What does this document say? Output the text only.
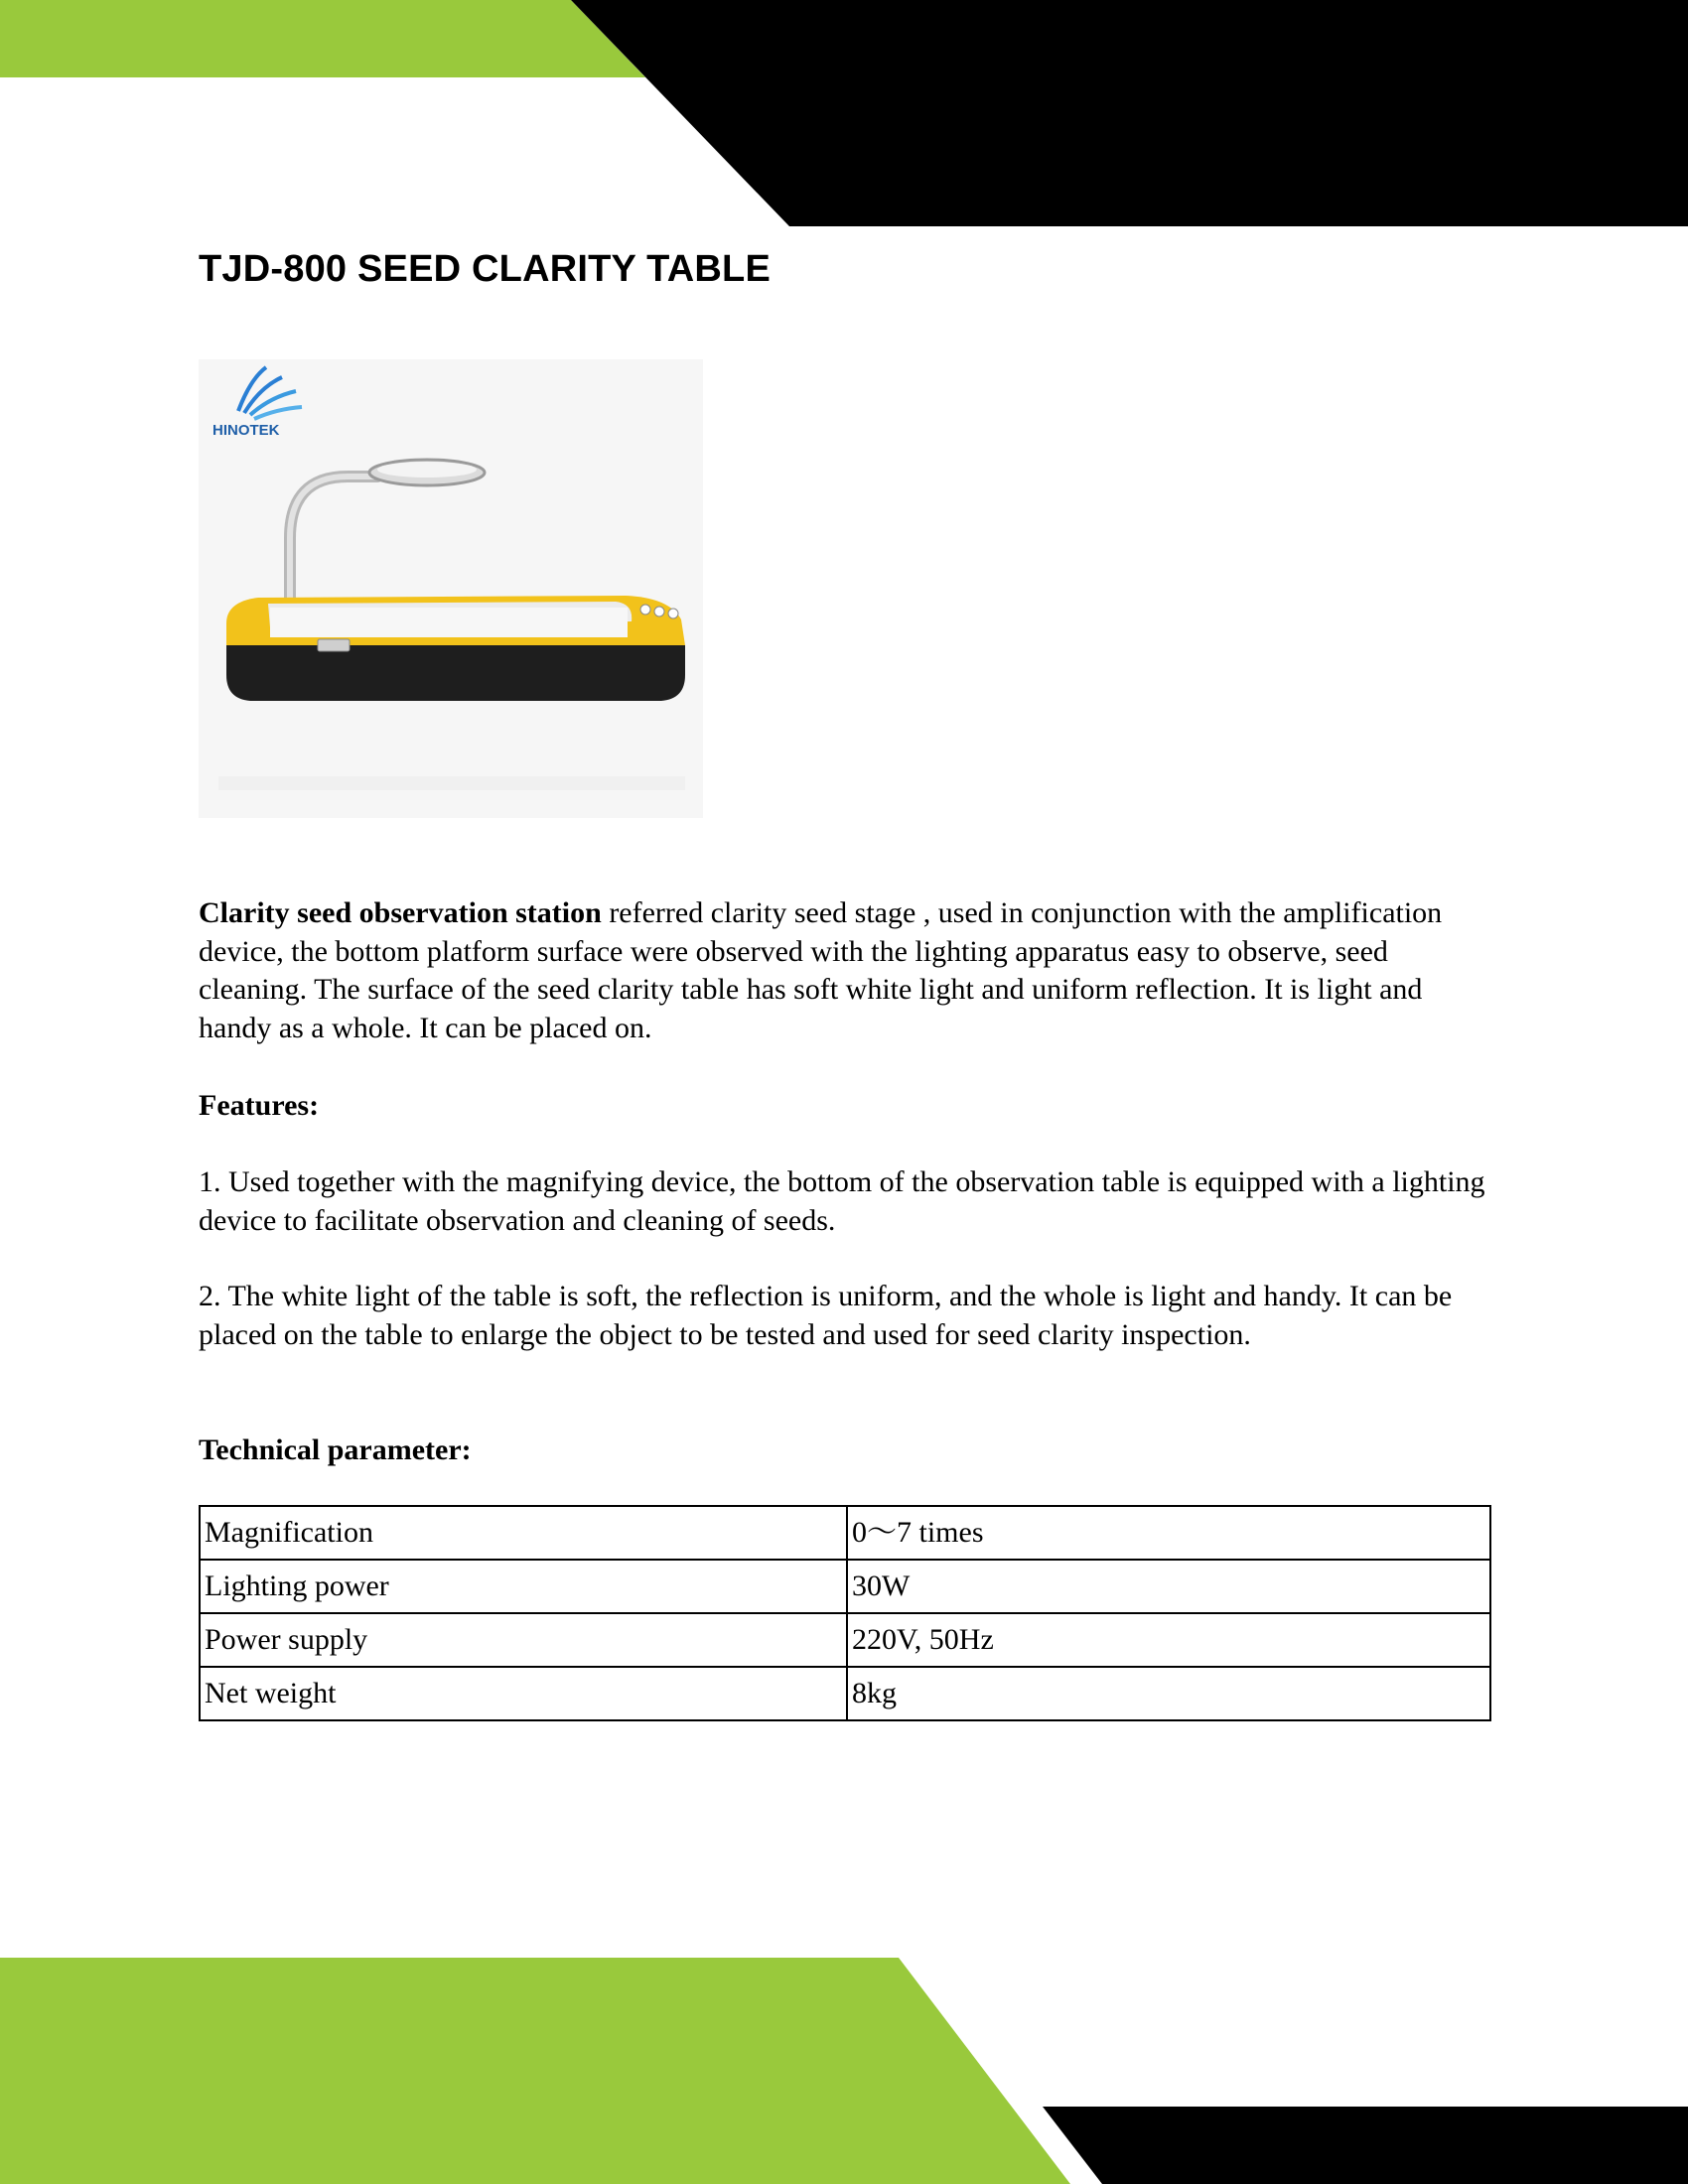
TJD-800 SEED CLARITY TABLE
HINOTEK

Clarity seed observation station referred clarity seed stage , used in conjunction with the amplification device, the bottom platform surface were observed with the lighting apparatus easy to observe, seed cleaning. The surface of the seed clarity table has soft white light and uniform reflection. It is light and handy as a whole. It can be placed on.

Features:

1. Used together with the magnifying device, the bottom of the observation table is equipped with a lighting device to facilitate observation and cleaning of seeds.

2. The white light of the table is soft, the reflection is uniform, and the whole is light and handy. It can be placed on the table to enlarge the object to be tested and used for seed clarity inspection.

Technical parameter:

Magnification	0～7 times
Lighting power	30W
Power supply	220V, 50Hz
Net weight	8kg
